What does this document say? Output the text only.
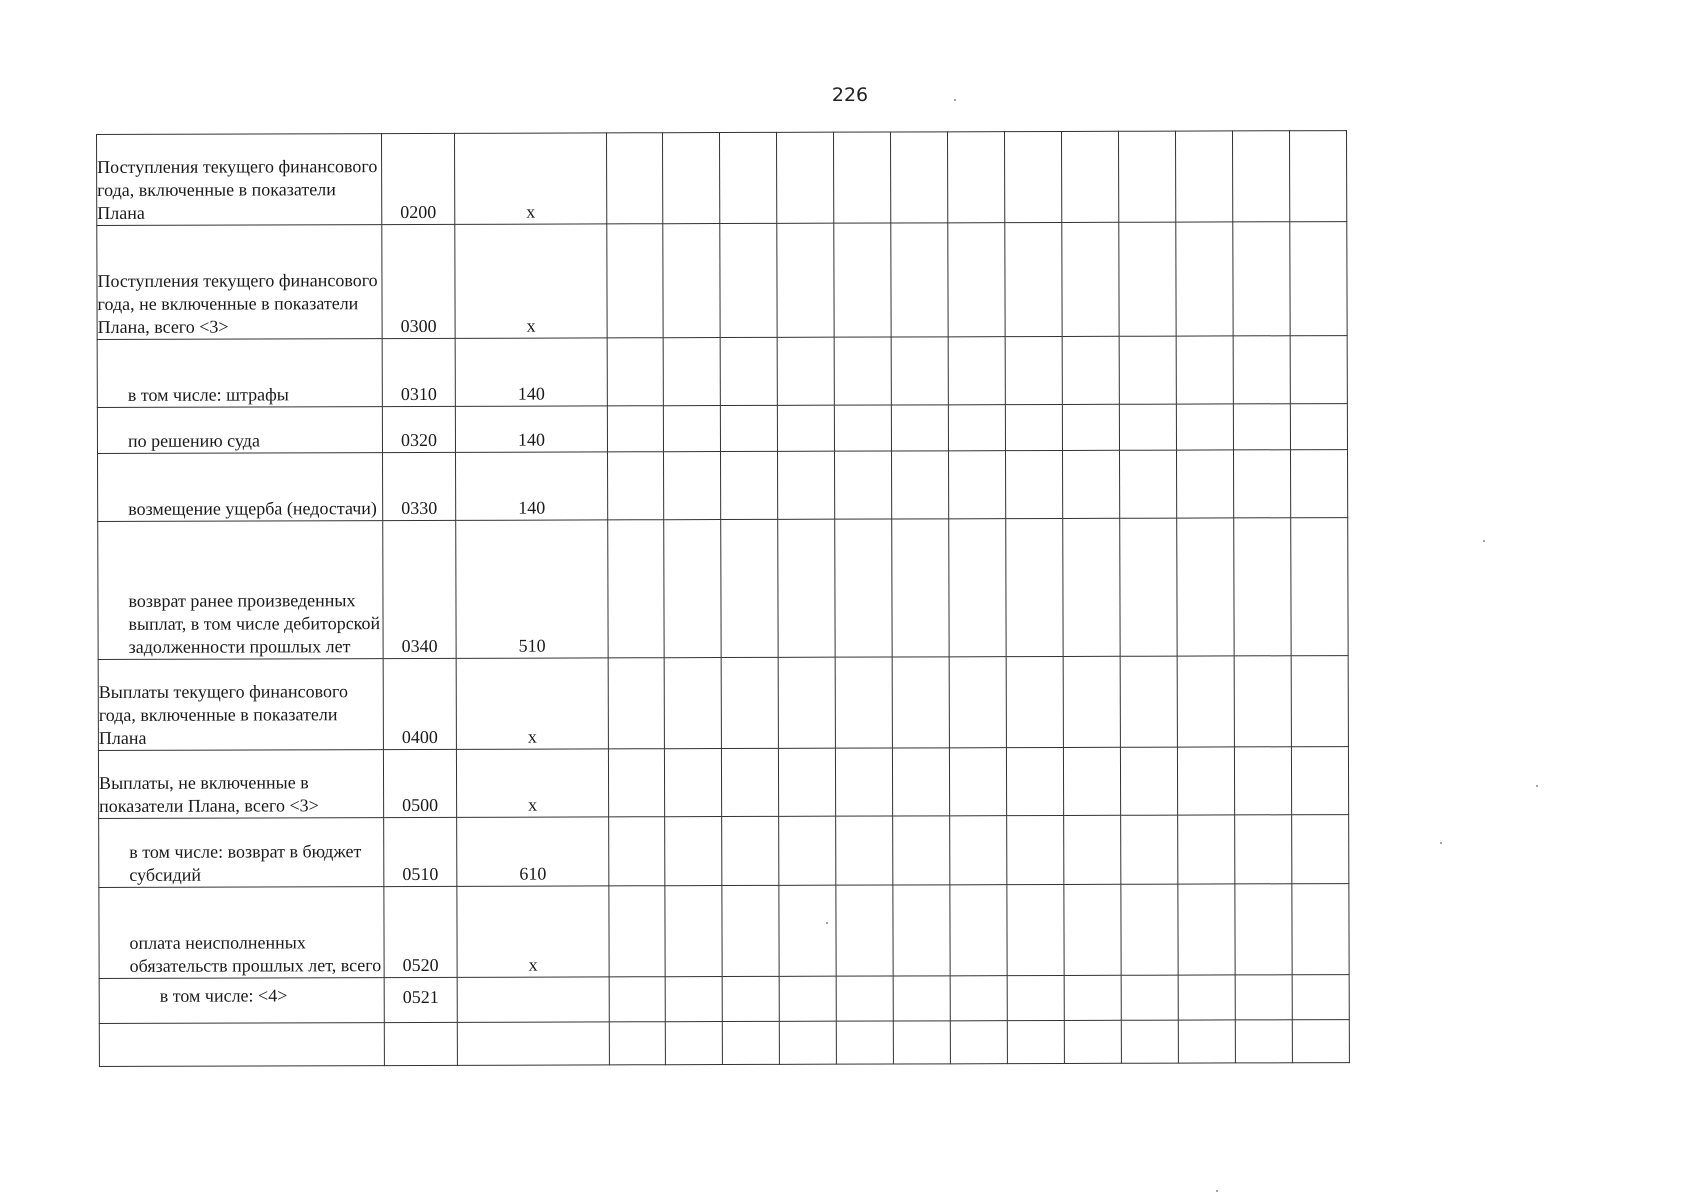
226
Поступления текущего финансового года, включенные в показатели Плана	0200	х													
Поступления текущего финансового года, не включенные в показатели Плана, всего <3>	0300	х													
в том числе: штрафы	0310	140													
по решению суда	0320	140													
возмещение ущерба (недостачи)	0330	140													
возврат ранее произведенных выплат, в том числе дебиторской задолженности прошлых лет	0340	510													
Выплаты текущего финансового года, включенные в показатели Плана	0400	х													
Выплаты, не включенные в показатели Плана, всего <3>	0500	х													
в том числе: возврат в бюджет субсидий	0510	610													
оплата неисполненных обязательств прошлых лет, всего	0520	х													
в том числе: <4>	0521														
